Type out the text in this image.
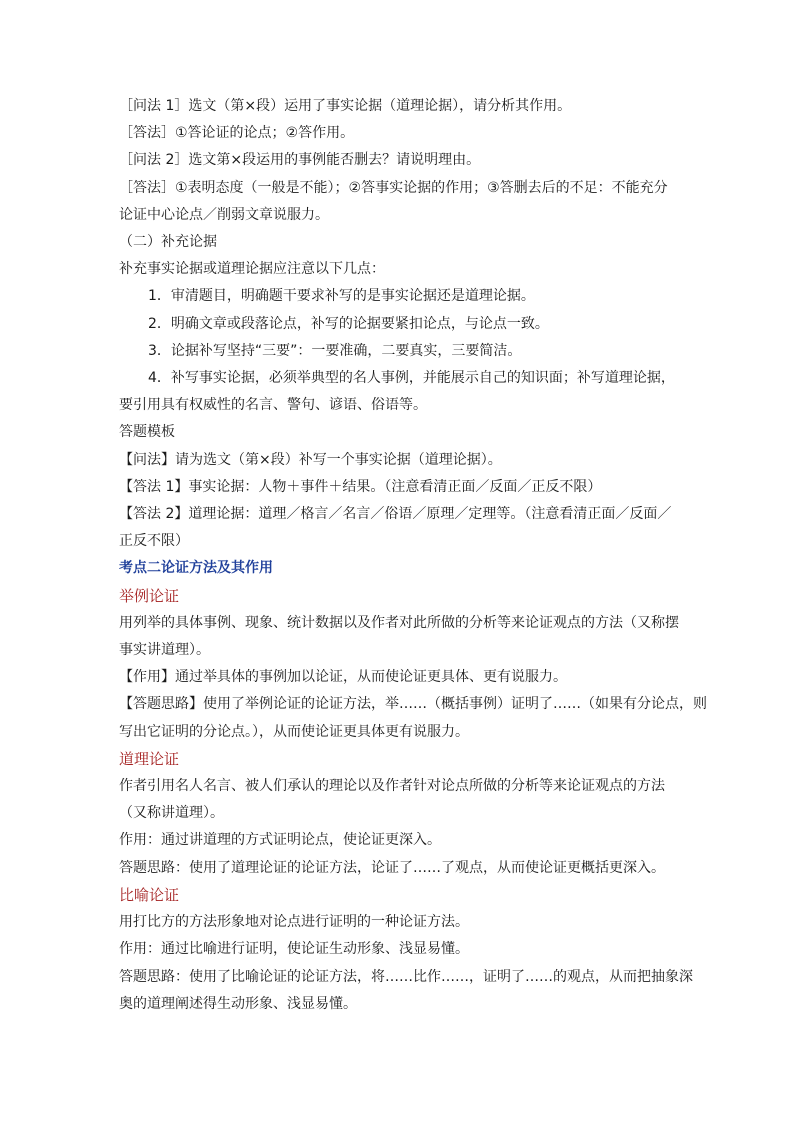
［问法 1］选文（第×段）运用了事实论据（道理论据），请分析其作用。

［答法］①答论证的论点；②答作用。

［问法 2］选文第×段运用的事例能否删去？请说明理由。

［答法］①表明态度（一般是不能）；②答事实论据的作用；③答删去后的不足：不能充分

论证中心论点／削弱文章说服力。

（二）补充论据

补充事实论据或道理论据应注意以下几点：

1．审清题目，明确题干要求补写的是事实论据还是道理论据。

2．明确文章或段落论点，补写的论据要紧扣论点，与论点一致。

3．论据补写坚持“三要”：一要准确，二要真实，三要简洁。

4．补写事实论据，必须举典型的名人事例，并能展示自己的知识面；补写道理论据，

要引用具有权威性的名言、警句、谚语、俗语等。

答题模板

【问法】请为选文（第×段）补写一个事实论据（道理论据）。

【答法 1】事实论据：人物＋事件＋结果。（注意看清正面／反面／正反不限）

【答法 2】道理论据：道理／格言／名言／俗语／原理／定理等。（注意看清正面／反面／

正反不限）

考点二论证方法及其作用

举例论证

用列举的具体事例、现象、统计数据以及作者对此所做的分析等来论证观点的方法（又称摆

事实讲道理）。

【作用】通过举具体的事例加以论证，从而使论证更具体、更有说服力。

【答题思路】使用了举例论证的论证方法，举……（概括事例）证明了……（如果有分论点，则

写出它证明的分论点。），从而使论证更具体更有说服力。

道理论证

作者引用名人名言、被人们承认的理论以及作者针对论点所做的分析等来论证观点的方法

（又称讲道理）。

作用：通过讲道理的方式证明论点，使论证更深入。

答题思路：使用了道理论证的论证方法，论证了……了观点，从而使论证更概括更深入。

比喻论证

用打比方的方法形象地对论点进行证明的一种论证方法。

作用：通过比喻进行证明，使论证生动形象、浅显易懂。

答题思路：使用了比喻论证的论证方法，将……比作……，证明了……的观点，从而把抽象深

奥的道理阐述得生动形象、浅显易懂。
